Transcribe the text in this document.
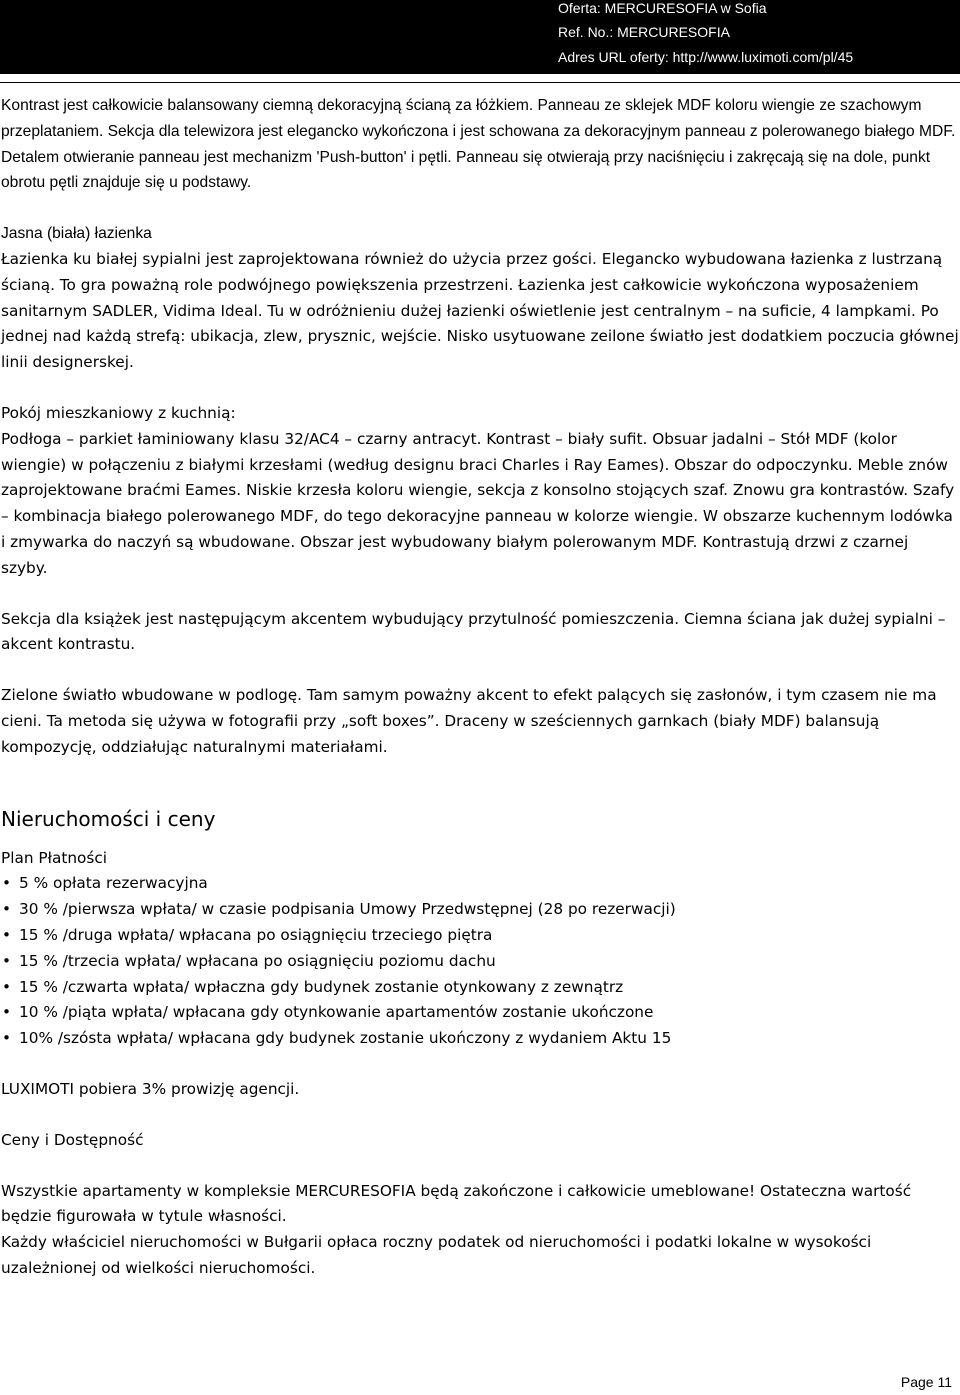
Oferta: MERCURESOFIA w Sofia
Ref. No.: MERCURESOFIA
Adres URL oferty: http://www.luximoti.com/pl/45

Kontrast jest całkowicie balansowany ciemną dekoracyjną ścianą za łóżkiem. Panneau ze sklejek MDF koloru wiengie ze szachowym przeplataniem. Sekcja dla telewizora jest elegancko wykończona i jest schowana za dekoracyjnym panneau z polerowanego białego MDF. Detalem otwieranie panneau jest mechanizm 'Push-button' i pętli. Panneau się otwierają przy naciśnięciu i zakręcają się na dole, punkt obrotu pętli znajduje się u podstawy.

Jasna (biała) łazienka

Łazienka ku białej sypialni jest zaprojektowana również do użycia przez gości. Elegancko wybudowana łazienka z lustrzaną ścianą. To gra poważną role podwójnego powiększenia przestrzeni. Łazienka jest całkowicie wykończona wyposażeniem sanitarnym SADLER, Vidima Ideal. Tu w odróżnieniu dużej łazienki oświetlenie jest centralnym – na suficie, 4 lampkami. Po jednej nad każdą strefą: ubikacja, zlew, prysznic, wejście. Nisko usytuowane zeilone światło jest dodatkiem poczucia głównej linii designerskej.

Pokój mieszkaniowy z kuchnią:

Podłoga – parkiet łaminiowany klasu 32/AC4 – czarny antracyt. Kontrast – biały sufit. Obsuar jadalni – Stół MDF (kolor wiengie) w połączeniu z białymi krzesłami (według designu braci Charles i Ray Eames). Obszar do odpoczynku. Meble znów zaprojektowane braćmi Eames. Niskie krzesła koloru wiengie, sekcja z konsolno stojących szaf. Znowu gra kontrastów. Szafy – kombinacja białego polerowanego MDF, do tego dekoracyjne panneau w kolorze wiengie. W obszarze kuchennym lodówka i zmywarka do naczyń są wbudowane. Obszar jest wybudowany białym polerowanym MDF. Kontrastują drzwi z czarnej szyby.

Sekcja dla książek jest następującym akcentem wybudujący przytulność pomieszczenia. Ciemna ściana jak dużej sypialni – akcent kontrastu.

Zielone światło wbudowane w podlogę. Tam samym poważny akcent to efekt palących się zasłonów, i tym czasem nie ma cieni. Ta metoda się używa w fotografii przy „soft boxes”. Draceny w sześciennych garnkach (biały MDF) balansują kompozycję, oddziałując naturalnymi materiałami.

Nieruchomości i ceny

Plan Płatności

• 5 % opłata rezerwacyjna
• 30 % /pierwsza wpłata/ w czasie podpisania Umowy Przedwstępnej (28 po rezerwacji)
• 15 % /druga wpłata/ wpłacana po osiągnięciu trzeciego piętra
• 15 % /trzecia wpłata/ wpłacana po osiągnięciu poziomu dachu
• 15 % /czwarta wpłata/ wpłaczna gdy budynek zostanie otynkowany z zewnątrz
• 10 % /piąta wpłata/ wpłacana gdy otynkowanie apartamentów zostanie ukończone
• 10% /szósta wpłata/ wpłacana gdy budynek zostanie ukończony z wydaniem Aktu 15

LUXIMOTI pobiera 3% prowizję agencji.

Ceny i Dostępność

Wszystkie apartamenty w kompleksie MERCURESOFIA będą zakończone i całkowicie umeblowane! Ostateczna wartość będzie figurowała w tytule własności.

Każdy właściciel nieruchomości w Bułgarii opłaca roczny podatek od nieruchomości i podatki lokalne w wysokości uzależnionej od wielkości nieruchomości.

Page 11
